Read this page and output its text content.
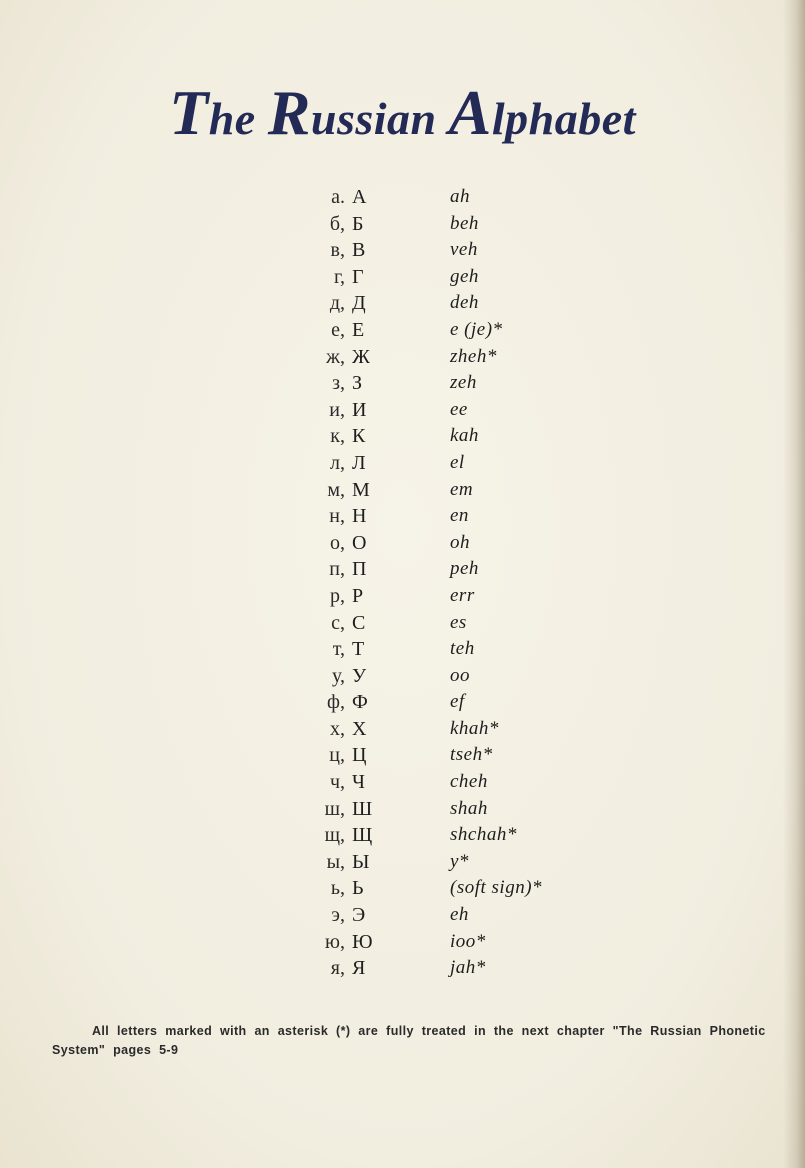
The Russian Alphabet
а. А	ah
б, Б	beh
в, В	veh
г, Г	geh
д, Д	deh
е, Е	e (je)*
ж, Ж	zheh*
з, З	zeh
и, И	ee
к, К	kah
л, Л	el
м, М	em
н, Н	en
о, О	oh
п, П	peh
р, Р	err
с, С	es
т, Т	teh
у, У	oo
ф, Ф	ef
х, Х	khah*
ц, Ц	tseh*
ч, Ч	cheh
ш, Ш	shah
щ, Щ	shchah*
ы, Ы	y*
ь, Ь	(soft sign)*
э, Э	eh
ю, Ю	ioo*
я, Я	jah*

All letters marked with an asterisk (*) are fully treated in the next chapter "The Russian Phonetic System" pages 5-9
